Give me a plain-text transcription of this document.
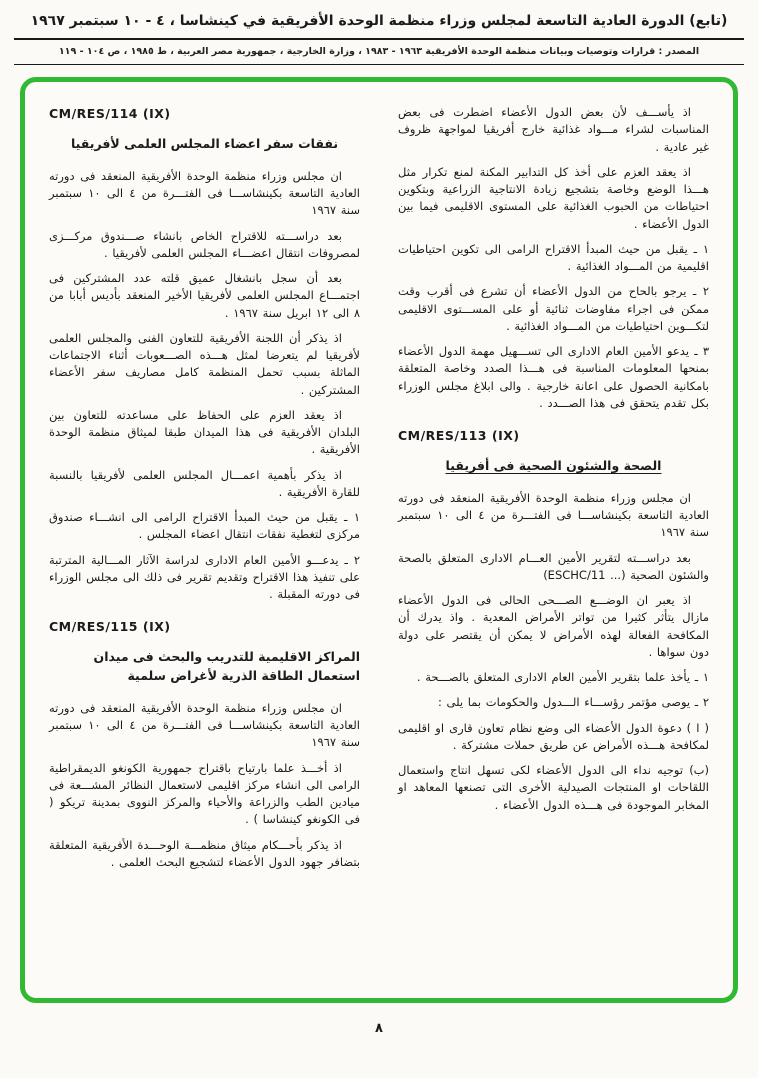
(تابع) الدورة العادية التاسعة لمجلس وزراء منظمة الوحدة الأفريقية في كينشاسا ، ٤ - ١٠ سبتمبر ١٩٦٧
المصدر : قرارات وتوصيات وبيانات منظمة الوحدة الأفريقية ١٩٦٣ - ١٩٨٣ ، وزارة الخارجية ، جمهورية مصر العربية ، ط ١٩٨٥ ، ص ١٠٤ - ١١٩

اذ يأســـف لأن بعض الدول الأعضاء اضطرت فى بعض المناسبات لشراء مـــواد غذائية خارج أفريقيا لمواجهة ظروف غير عادية .

اذ يعقد العزم على أخذ كل التدابير المكنة لمنع تكرار مثل هـــذا الوضع وخاصة بتشجيع زيادة الانتاجية الزراعية وبتكوين احتياطات من الحبوب الغذائية على المستوى الاقليمى فيما بين الدول الأعضاء .

١ ـ يقبل من حيث المبدأ الاقتراح الرامى الى تكوين احتياطيات اقليمية من المـــواد الغذائية .

٢ ـ يرجو بالحاح من الدول الأعضاء أن تشرع فى أقرب وقت ممكن فى اجراء مفاوضات ثنائية أو على المســـتوى الاقليمى لتكـــوين احتياطيات من المـــواد الغذائية .

٣ ـ يدعو الأمين العام الادارى الى تســـهيل مهمة الدول الأعضاء بمنحها المعلومات المناسبة فى هـــذا الصدد وخاصة المتعلقة بامكانية الحصول على اعانة خارجية . والى ابلاغ مجلس الوزراء بكل تقدم يتحقق فى هذا الصـــدد .

CM/RES/113 (IX)
الصحة والشئون الصحية فى أفريقيا

ان مجلس وزراء منظمة الوحدة الأفريقية المنعقد فى دورته العادية التاسعة بكينشاســـا فى الفتـــرة من ٤ الى ١٠ سبتمبر سنة ١٩٦٧

بعد دراســـته لتقرير الأمين العـــام الادارى المتعلق بالصحة والشئون الصحية (ESCHC/11 ...)

اذ يعبر ان الوضـــع الصـــحى الحالى فى الدول الأعضاء مازال يتأثر كثيرا من تواتر الأمراض المعدية . واذ يدرك أن المكافحة الفعالة لهذه الأمراض لا يمكن أن يقتصر على دولة دون سواها .

١ ـ يأخذ علما بتقرير الأمين العام الادارى المتعلق بالصـــحة .

٢ ـ يوصى مؤتمر رؤســـاء الـــدول والحكومات بما يلى :

( ا ) دعوة الدول الأعضاء الى وضع نظام تعاون قارى او اقليمى لمكافحة هـــذه الأمراض عن طريق حملات مشتركة .

(ب) توجيه نداء الى الدول الأعضاء لكى تسهل انتاج واستعمال اللقاحات او المنتجات الصيدلية الأخرى التى تصنعها المعاهد او المخابر الموجودة فى هـــذه الدول الأعضاء .

CM/RES/114 (IX)
نفقات سفر اعضاء المجلس العلمى لأفريقيا

ان مجلس وزراء منظمة الوحدة الأفريقية المنعقد فى دورته العادية التاسعة بكينشاســـا فى الفتـــرة من ٤ الى ١٠ سبتمبر سنة ١٩٦٧

بعد دراســـته للاقتراح الخاص بانشاء صـــندوق مركـــزى لمصروفات انتقال اعضـــاء المجلس العلمى لأفريقيا .

بعد أن سجل بانشغال عميق قلته عدد المشتركين فى اجتمـــاع المجلس العلمى لأفريقيا الأخير المنعقد بأديس أبابا من ٨ الى ١٢ ابريل سنة ١٩٦٧ .

اذ يذكر أن اللجنة الأفريقية للتعاون الفنى والمجلس العلمى لأفريقيا لم يتعرضا لمثل هـــذه الصـــعوبات أثناء الاجتماعات الماثلة بسبب تحمل المنظمة كامل مصاريف سفر الأعضاء المشتركين .

اذ يعقد العزم على الحفاظ على مساعدته للتعاون بين البلدان الأفريقية فى هذا الميدان طبقا لميثاق منظمة الوحدة الأفريقية .

اذ يذكر بأهمية اعمـــال المجلس العلمى لأفريقيا بالنسبة للقارة الأفريقية .

١ ـ يقبل من حيث المبدأ الاقتراح الرامى الى انشـــاء صندوق مركزى لتغطية نفقات انتقال اعضاء المجلس .

٢ ـ يدعـــو الأمين العام الادارى لدراسة الآثار المـــالية المترتبة على تنفيذ هذا الاقتراح وتقديم تقرير فى ذلك الى مجلس الوزراء فى دورته المقبلة .

CM/RES/115 (IX)
المراكز الاقليمية للتدريب والبحث فى ميدان استعمال الطاقة الذرية لأغراض سلمية

ان مجلس وزراء منظمة الوحدة الأفريقية المنعقد فى دورته العادية التاسعة بكينشاســـا فى الفتـــرة من ٤ الى ١٠ سبتمبر سنة ١٩٦٧

اذ أخـــذ علما بارتياح باقتراح جمهورية الكونغو الديمقراطية الرامى الى انشاء مركز اقليمى لاستعمال النظائر المشـــعة فى ميادين الطب والزراعة والأحياء والمركز النووى بمدينة تريكو ( فى الكونغو كينشاسا ) .

اذ يذكر بأحـــكام ميثاق منظمـــة الوحـــدة الأفريقية المتعلقة بتضافر جهود الدول الأعضاء لتشجيع البحث العلمى .

٨
